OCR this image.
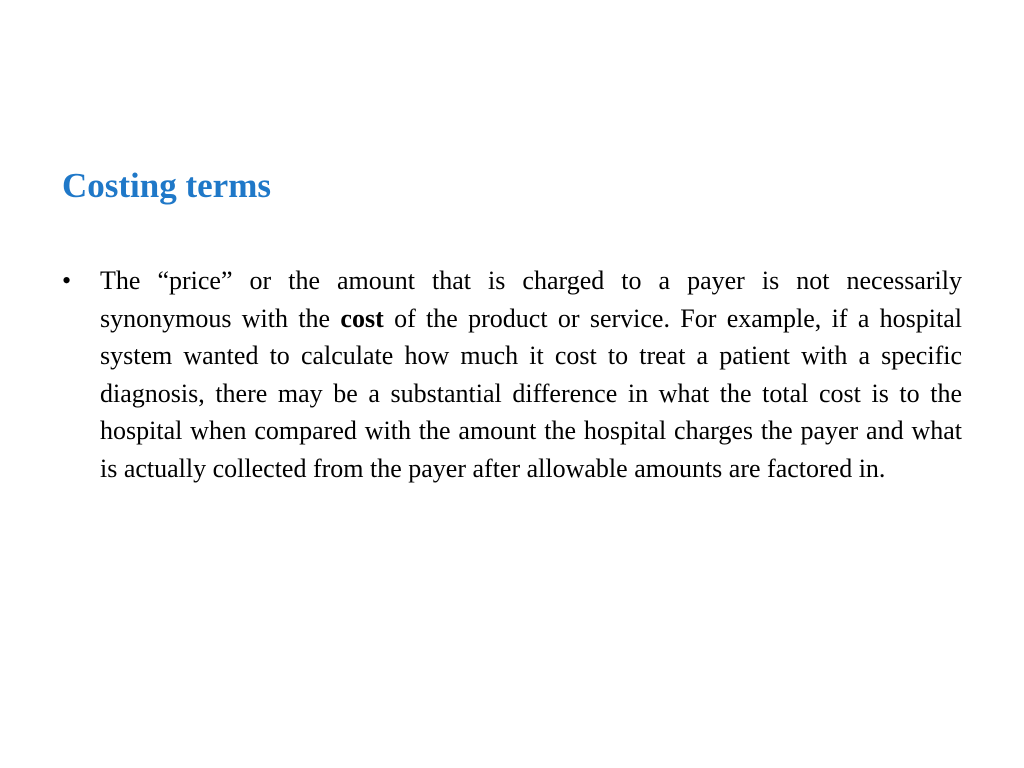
Costing terms
• The “price” or the amount that is charged to a payer is not necessarily synonymous with the cost of the product or service. For example, if a hospital system wanted to calculate how much it cost to treat a patient with a specific diagnosis, there may be a substantial difference in what the total cost is to the hospital when compared with the amount the hospital charges the payer and what is actually collected from the payer after allowable amounts are factored in.
